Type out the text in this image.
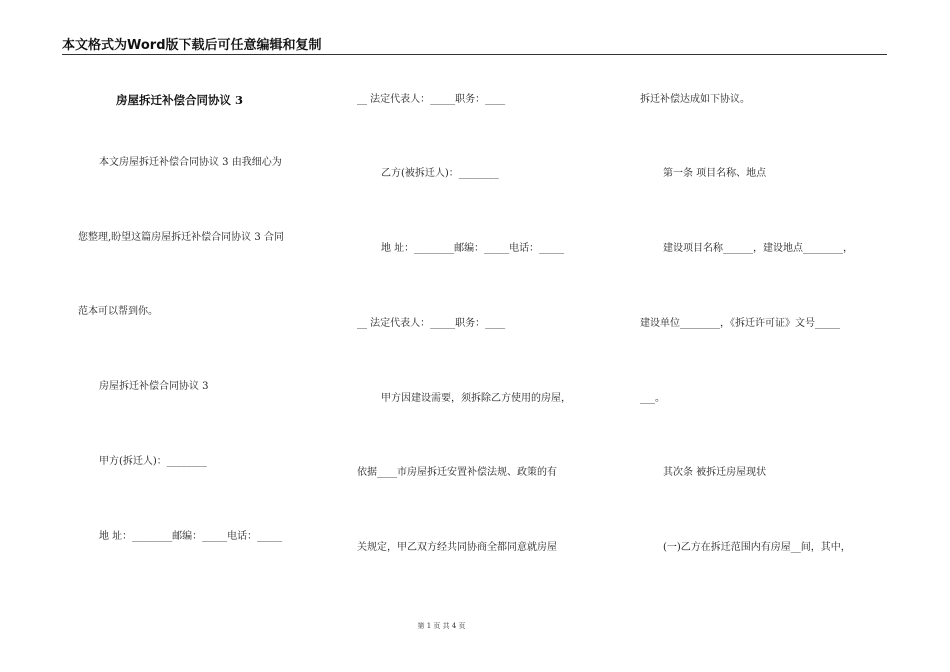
本文格式为Word版下载后可任意编辑和复制
房屋拆迁补偿合同协议 3
本文房屋拆迁补偿合同协议 3 由我细心为
您整理,盼望这篇房屋拆迁补偿合同协议 3 合同
范本可以帮到你。
房屋拆迁补偿合同协议 3
甲方(拆迁人)：________
地 址：________邮编：_____电话：_____
__ 法定代表人：_____职务：____
乙方(被拆迁人)：________
地 址：________邮编：_____电话：_____
__ 法定代表人：_____职务：____
甲方因建设需要，须拆除乙方使用的房屋，
依据____市房屋拆迁安置补偿法规、政策的有
关规定，甲乙双方经共同协商全都同意就房屋
拆迁补偿达成如下协议。
第一条 项目名称、地点
建设项目名称______，建设地点________，
建设单位________，《拆迁许可证》文号_____
___。
其次条 被拆迁房屋现状
(一)乙方在拆迁范围内有房屋__间，其中，
第 1 页 共 4 页
